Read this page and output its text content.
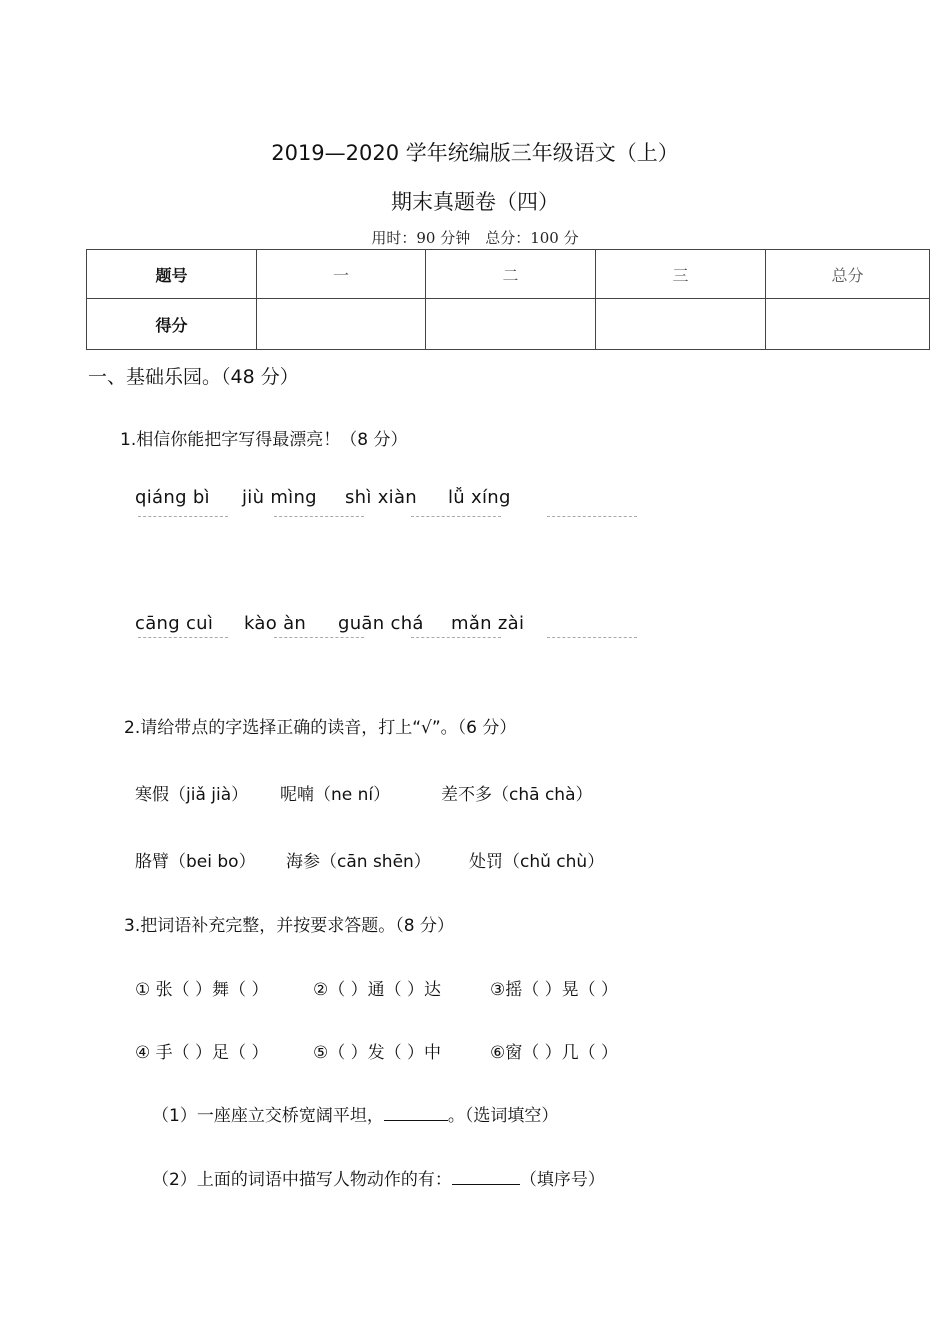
2019—2020 学年统编版三年级语文（上）
期末真题卷（四）
用时：90 分钟　总分：100 分
题号	一	二	三	总分
得分				
一、基础乐园。（48 分）
1.相信你能把字写得最漂亮！（8 分）
qiáng bì jiù mìng shì xiàn lǚ xíng
cāng cuì kào àn guān chá mǎn zài
2.请给带点的字选择正确的读音，打上“√”。（6 分）
寒假（jiǎ jià） 呢喃（ne ní）	差不多（chā chà）
胳臂（bei bo） 海参（cān shēn） 处罚（chǔ chù）
3.把词语补充完整，并按要求答题。（8 分）
① 张（ ）舞（ ）	②（ ）通（ ）达	③摇（ ）晃（ ）
④ 手（ ）足（ ）	⑤（ ）发（ ）中	⑥窗（ ）几（ ）
（1）一座座立交桥宽阔平坦，	。（选词填空）
（2）上面的词语中描写人物动作的有：	（填序号）
